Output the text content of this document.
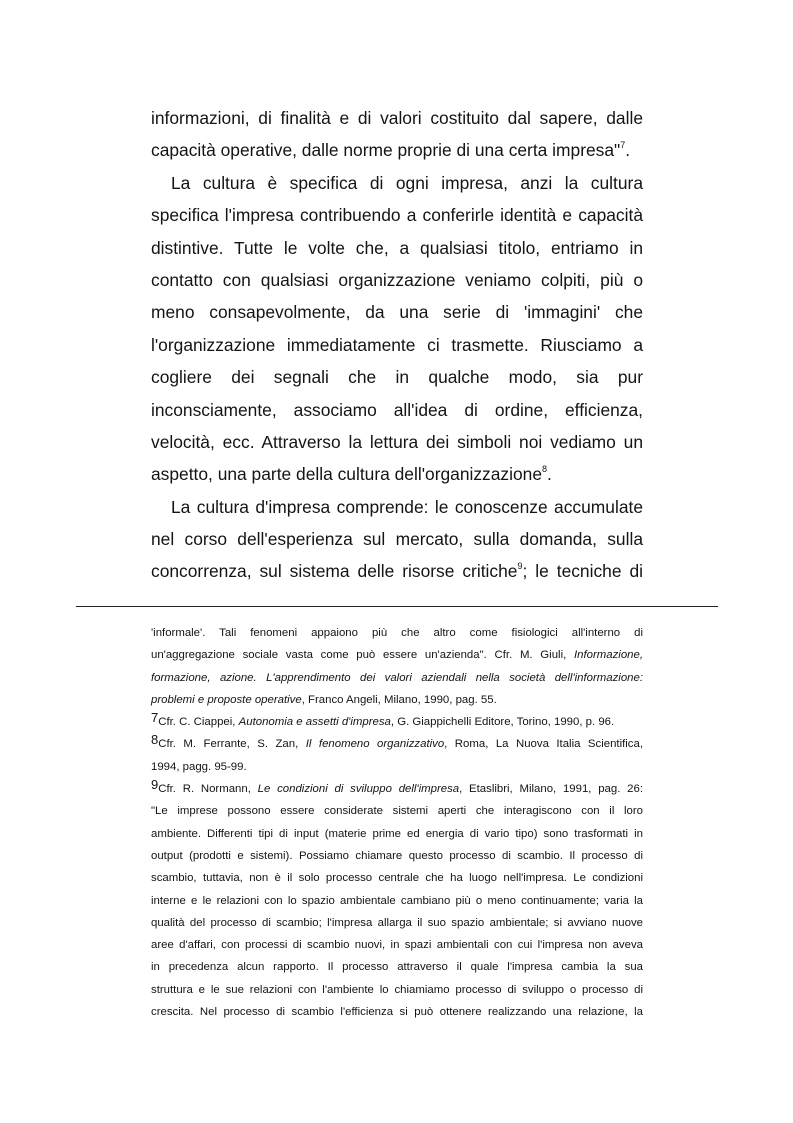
informazioni, di finalità e di valori costituito dal sapere, dalle
capacità operative, dalle norme proprie di una certa impresa"$^7$.
La cultura è specifica di ogni impresa, anzi la cultura
specifica l'impresa contribuendo a conferirle identità e capacità
distintive. Tutte le volte che, a qualsiasi titolo, entriamo in
contatto con qualsiasi organizzazione veniamo colpiti, più o
meno consapevolmente, da una serie di 'immagini' che
l'organizzazione immediatamente ci trasmette. Riusciamo a
cogliere dei segnali che in qualche modo, sia pur
inconsciamente, associamo all'idea di ordine, efficienza,
velocità, ecc. Attraverso la lettura dei simboli noi vediamo un
aspetto, una parte della cultura dell'organizzazione$^8$.
La cultura d'impresa comprende: le conoscenze accumulate
nel corso dell'esperienza sul mercato, sulla domanda, sulla
concorrenza, sul sistema delle risorse critiche$^9$; le tecniche di
'informale'. Tali fenomeni appaiono più che altro come fisiologici all'interno di
un'aggregazione sociale vasta come può essere un'azienda". Cfr. M. Giuli, Informazione,
formazione, azione. L'apprendimento dei valori aziendali nella società dell'informazione:
problemi e proposte operative, Franco Angeli, Milano, 1990, pag. 55.
7Cfr. C. Ciappei, Autonomia e assetti d'impresa, G. Giappichelli Editore, Torino, 1990, p. 96.
8Cfr. M. Ferrante, S. Zan, Il fenomeno organizzativo, Roma, La Nuova Italia Scientifica,
1994, pagg. 95-99.
9Cfr. R. Normann, Le condizioni di sviluppo dell'impresa, Etaslibri, Milano, 1991, pag. 26:
"Le imprese possono essere considerate sistemi aperti che interagiscono con il loro
ambiente. Differenti tipi di input (materie prime ed energia di vario tipo) sono trasformati in
output (prodotti e sistemi). Possiamo chiamare questo processo di scambio. Il processo di
scambio, tuttavia, non è il solo processo centrale che ha luogo nell'impresa. Le condizioni
interne e le relazioni con lo spazio ambientale cambiano più o meno continuamente; varia la
qualità del processo di scambio; l'impresa allarga il suo spazio ambientale; si avviano nuove
aree d'affari, con processi di scambio nuovi, in spazi ambientali con cui l'impresa non aveva
in precedenza alcun rapporto. Il processo attraverso il quale l'impresa cambia la sua
struttura e le sue relazioni con l'ambiente lo chiamiamo processo di sviluppo o processo di
crescita. Nel processo di scambio l'efficienza si può ottenere realizzando una relazione, la
